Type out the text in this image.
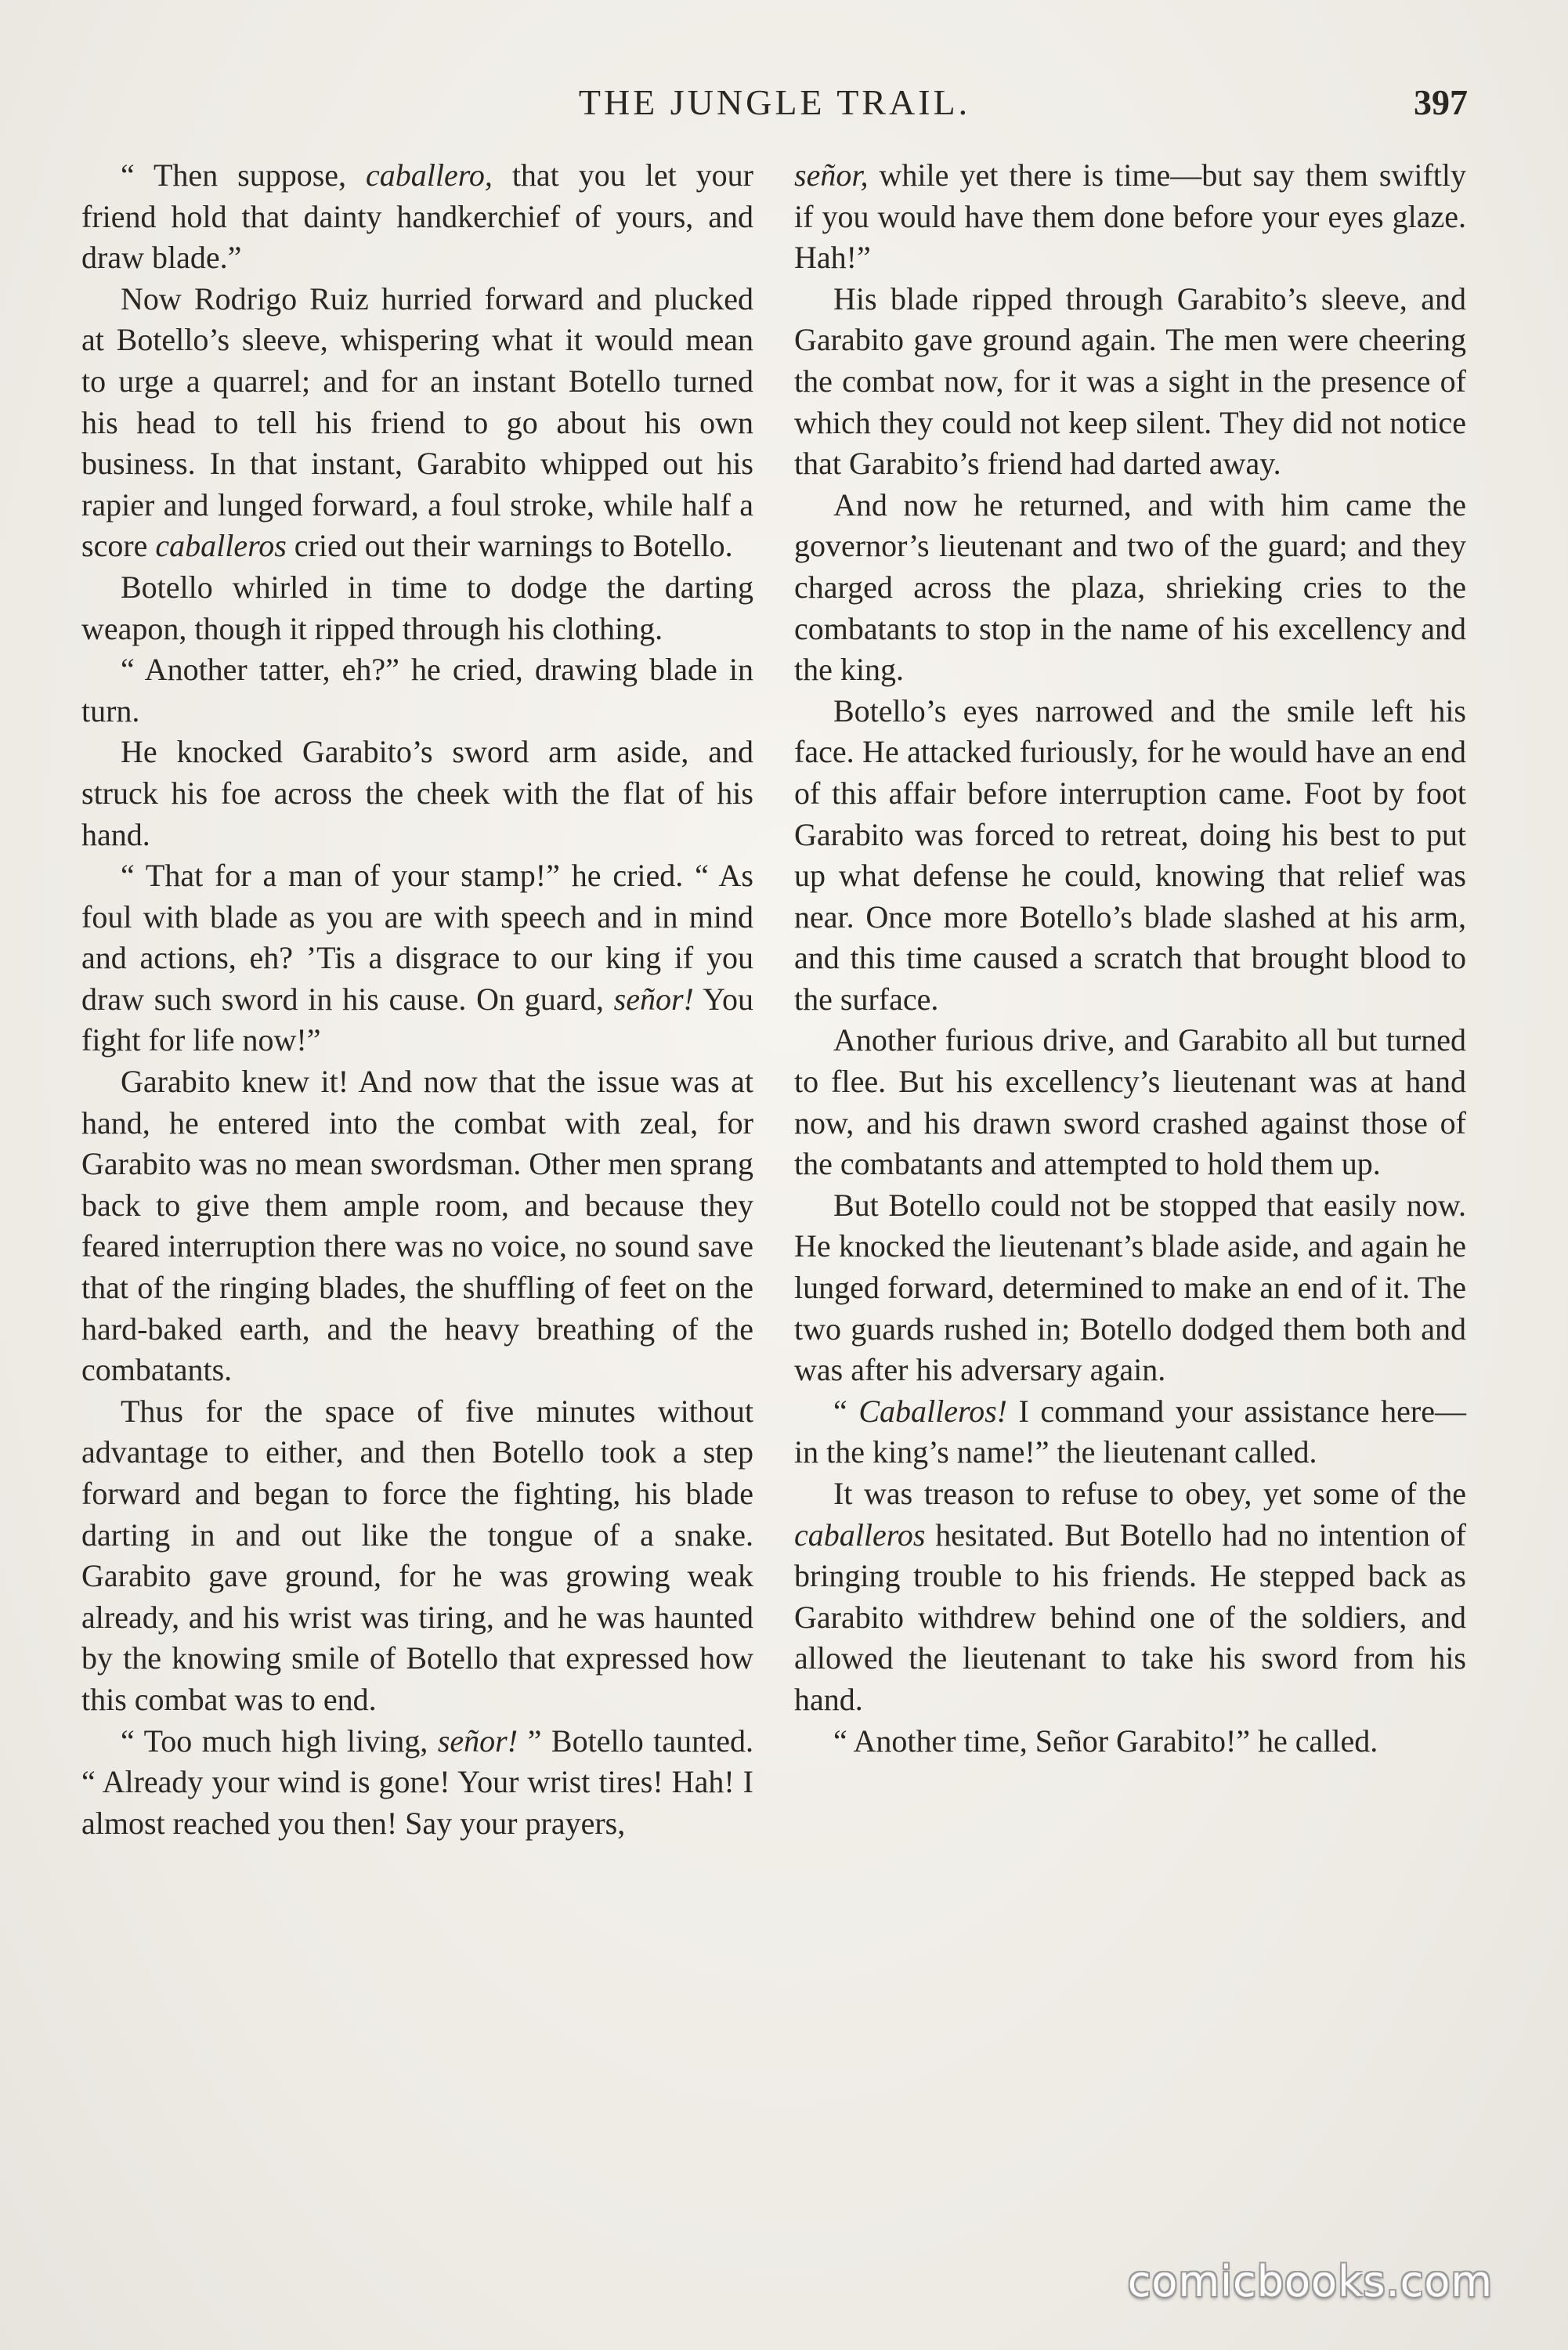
THE JUNGLE TRAIL.	397

“ Then suppose, caballero, that you let your friend hold that dainty handkerchief of yours, and draw blade.”

Now Rodrigo Ruiz hurried forward and plucked at Botello’s sleeve, whispering what it would mean to urge a quarrel; and for an instant Botello turned his head to tell his friend to go about his own business. In that instant, Garabito whipped out his rapier and lunged forward, a foul stroke, while half a score caballeros cried out their warnings to Botello.

Botello whirled in time to dodge the darting weapon, though it ripped through his clothing.

“ Another tatter, eh?” he cried, drawing blade in turn.

He knocked Garabito’s sword arm aside, and struck his foe across the cheek with the flat of his hand.

“ That for a man of your stamp!” he cried. “ As foul with blade as you are with speech and in mind and actions, eh? ’Tis a disgrace to our king if you draw such sword in his cause. On guard, señor! You fight for life now!”

Garabito knew it! And now that the issue was at hand, he entered into the combat with zeal, for Garabito was no mean swordsman. Other men sprang back to give them ample room, and because they feared interruption there was no voice, no sound save that of the ringing blades, the shuffling of feet on the hard-baked earth, and the heavy breathing of the combatants.

Thus for the space of five minutes without advantage to either, and then Botello took a step forward and began to force the fighting, his blade darting in and out like the tongue of a snake. Garabito gave ground, for he was growing weak already, and his wrist was tiring, and he was haunted by the knowing smile of Botello that expressed how this combat was to end.

“ Too much high living, señor! ” Botello taunted. “ Already your wind is gone! Your wrist tires! Hah! I almost reached you then! Say your prayers,

señor, while yet there is time—but say them swiftly if you would have them done before your eyes glaze. Hah!”

His blade ripped through Garabito’s sleeve, and Garabito gave ground again. The men were cheering the combat now, for it was a sight in the presence of which they could not keep silent. They did not notice that Garabito’s friend had darted away.

And now he returned, and with him came the governor’s lieutenant and two of the guard; and they charged across the plaza, shrieking cries to the combatants to stop in the name of his excellency and the king.

Botello’s eyes narrowed and the smile left his face. He attacked furiously, for he would have an end of this affair before interruption came. Foot by foot Garabito was forced to retreat, doing his best to put up what defense he could, knowing that relief was near. Once more Botello’s blade slashed at his arm, and this time caused a scratch that brought blood to the surface.

Another furious drive, and Garabito all but turned to flee. But his excellency’s lieutenant was at hand now, and his drawn sword crashed against those of the combatants and attempted to hold them up.

But Botello could not be stopped that easily now. He knocked the lieutenant’s blade aside, and again he lunged forward, determined to make an end of it. The two guards rushed in; Botello dodged them both and was after his adversary again.

“ Caballeros! I command your assistance here—in the king’s name!” the lieutenant called.

It was treason to refuse to obey, yet some of the caballeros hesitated. But Botello had no intention of bringing trouble to his friends. He stepped back as Garabito withdrew behind one of the soldiers, and allowed the lieutenant to take his sword from his hand.

“ Another time, Señor Garabito!” he called.

comicbooks.com
